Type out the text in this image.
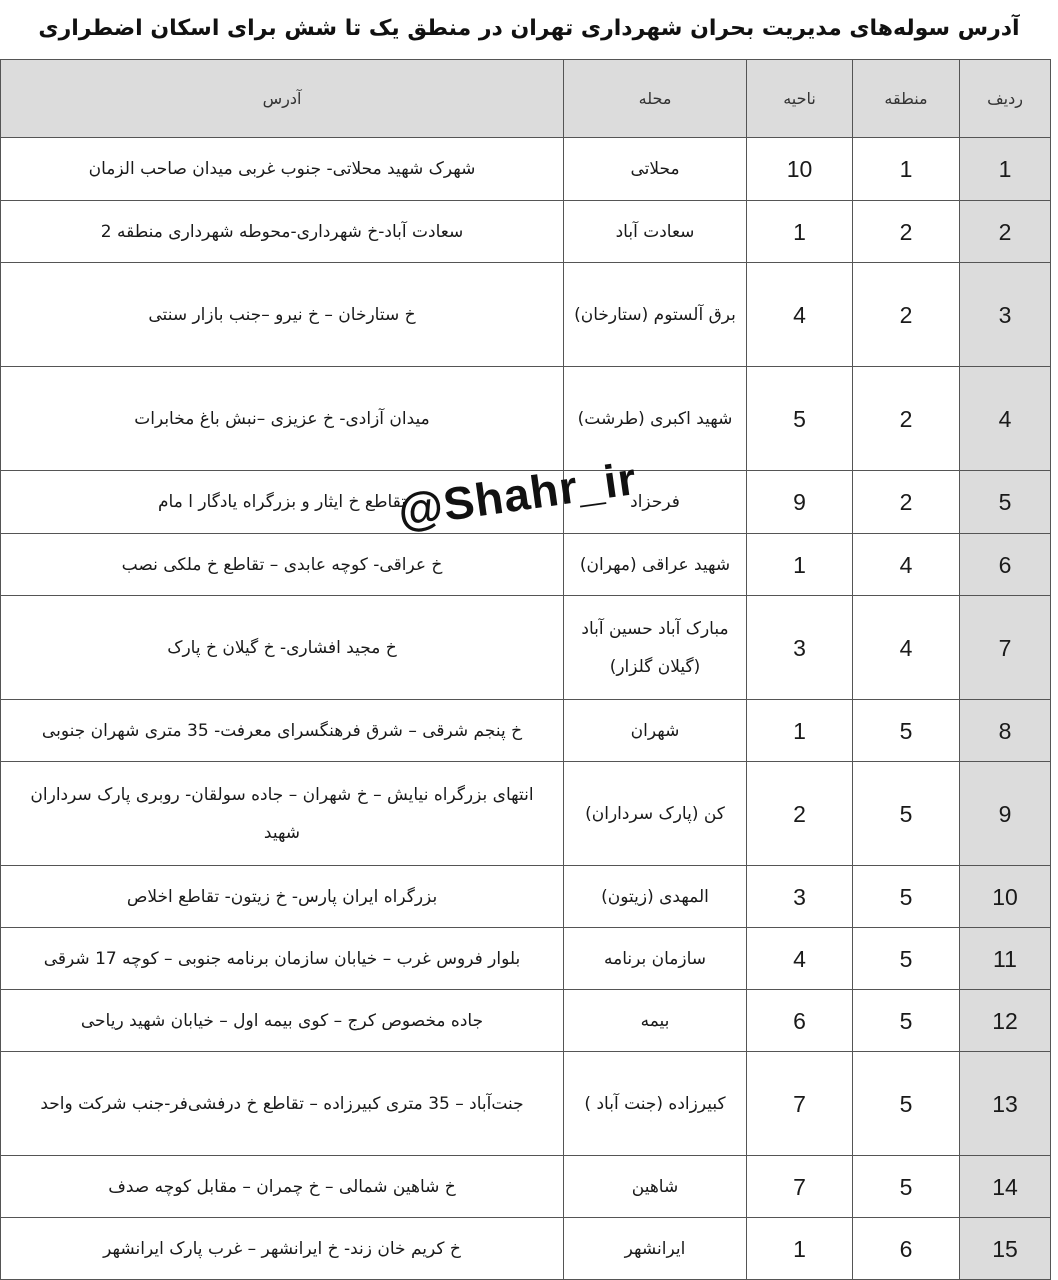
آدرس سوله‌های مدیریت بحران شهرداری تهران در منطق یک تا شش برای اسکان اضطراری
ردیف	منطقه	ناحیه	محله	آدرس
1	1	10	محلاتی	شهرک شهید محلاتی- جنوب غربی میدان صاحب الزمان
2	2	1	سعادت آباد	سعادت آباد-خ شهرداری-محوطه شهرداری منطقه 2
3	2	4	برق آلستوم (ستارخان)	خ ستارخان – خ نیرو –جنب بازار سنتی
4	2	5	شهید اکبری (طرشت)	میدان آزادی- خ عزیزی –نبش باغ مخابرات
5	2	9	فرحزاد	تقاطع خ ایثار و بزرگراه یادگار ا مام
6	4	1	شهید عراقی (مهران)	خ عراقی- کوچه عابدی – تقاطع خ ملکی نصب
7	4	3	مبارک آباد حسین آباد (گیلان گلزار)	خ مجید افشاری- خ گیلان خ پارک
8	5	1	شهران	خ پنجم شرقی – شرق فرهنگسرای معرفت- 35 متری شهران جنوبی
9	5	2	کن (پارک سرداران)	انتهای بزرگراه نیایش – خ شهران – جاده سولقان- روبری پارک سرداران شهید
10	5	3	المهدی (زیتون)	بزرگراه ایران پارس- خ زیتون- تقاطع اخلاص
11	5	4	سازمان برنامه	بلوار فروس غرب – خیابان سازمان برنامه جنوبی – کوچه 17 شرقی
12	5	6	بیمه	جاده مخصوص کرج – کوی بیمه اول – خیابان شهید ریاحی
13	5	7	کبیرزاده (جنت آباد )	جنت‌آباد – 35 متری کبیرزاده – تقاطع خ درفشی‌فر-جنب شرکت واحد
14	5	7	شاهین	خ شاهین شمالی – خ چمران – مقابل کوچه صدف
15	6	1	ایرانشهر	خ کریم خان زند- خ ایرانشهر – غرب پارک ایرانشهر
@Shahr_ir
